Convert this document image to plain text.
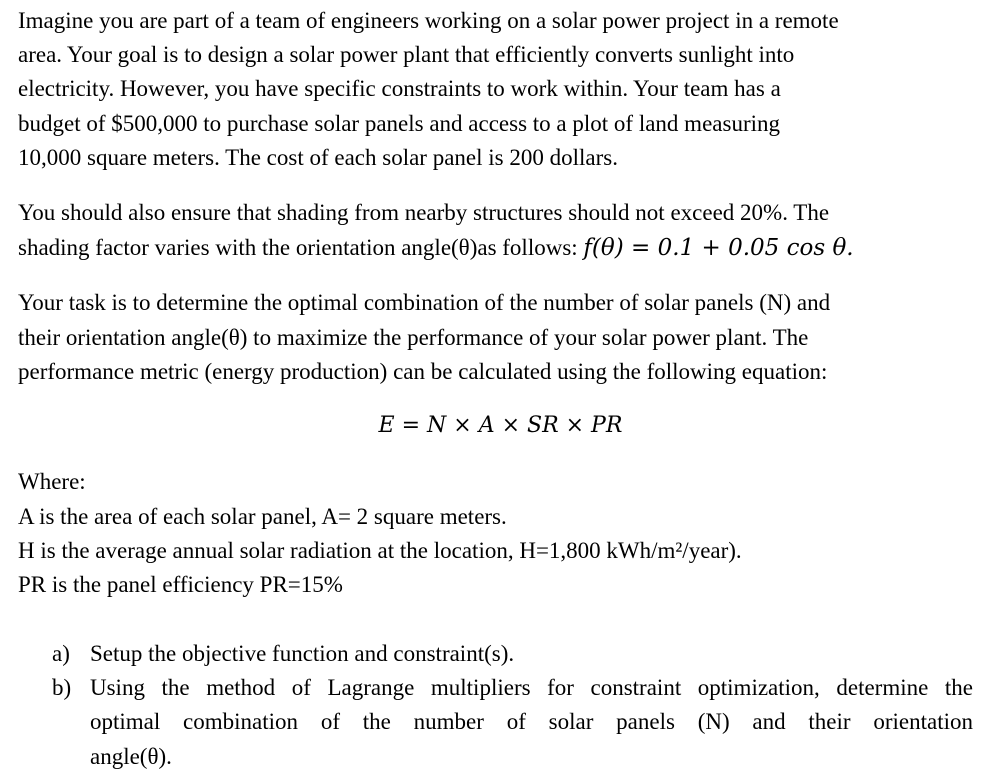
Imagine you are part of a team of engineers working on a solar power project in a remote
area. Your goal is to design a solar power plant that efficiently converts sunlight into
electricity. However, you have specific constraints to work within. Your team has a
budget of $500,000 to purchase solar panels and access to a plot of land measuring
10,000 square meters. The cost of each solar panel is 200 dollars.
You should also ensure that shading from nearby structures should not exceed 20%. The
shading factor varies with the orientation angle(θ)as follows: f(θ) = 0.1 + 0.05 cos θ.
Your task is to determine the optimal combination of the number of solar panels (N) and
their orientation angle(θ) to maximize the performance of your solar power plant. The
performance metric (energy production) can be calculated using the following equation:
E = N × A × SR × PR
Where:
A is the area of each solar panel, A= 2 square meters.
H is the average annual solar radiation at the location, H=1,800 kWh/m²/year).
PR is the panel efficiency PR=15%
a) Setup the objective function and constraint(s).
b) Using the method of Lagrange multipliers for constraint optimization, determine the
optimal combination of the number of solar panels (N) and their orientation
angle(θ).
